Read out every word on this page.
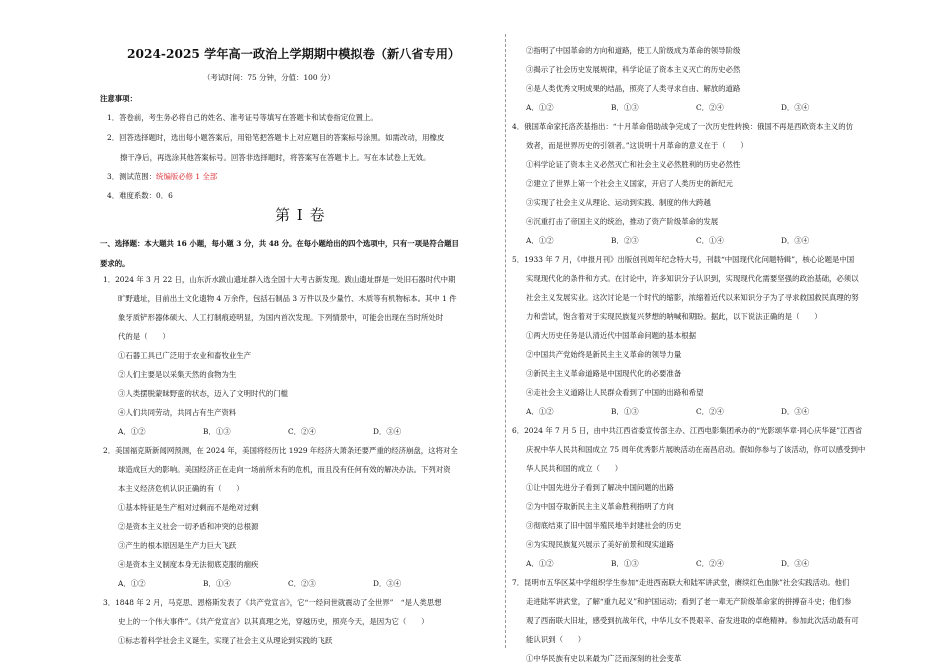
2024-2025 学年高一政治上学期期中模拟卷（新八省专用）
（考试时间：75 分钟，分值：100 分）
注意事项：
1．答卷前，考生务必将自己的姓名、准考证号等填写在答题卡和试卷指定位置上。
2．回答选择题时，选出每小题答案后，用铅笔把答题卡上对应题目的答案标号涂黑。如需改动，用橡皮
擦干净后，再选涂其他答案标号。回答非选择题时，将答案写在答题卡上。写在本试卷上无效。
3．测试范围：统编版必修 1 全部
4．难度系数：0．6
第 I 卷
一、选择题：本大题共 16 小题，每小题 3 分，共 48 分。在每小题给出的四个选项中，只有一项是符合题目
要求的。
1．2024 年 3 月 22 日，山东沂水跋山遗址群入选全国十大考古新发现。跋山遗址群是一处旧石器时代中期
旷野遗址，目前出土文化遗物 4 万余件，包括石制品 3 万件以及少量竹、木质等有机物标本。其中 1 件
象牙质铲形器体硕大、人工打制痕迹明显，为国内首次发现。下列情景中，可能会出现在当时所处时
代的是（　　）
①石器工具已广泛用于农业和畜牧业生产
②人们主要是以采集天然的食物为生
③人类摆脱蒙昧野蛮的状态，迈入了文明时代的门槛
④人们共同劳动，共同占有生产资料
A．①②	B．①③	C．②④	D．③④
2．美国福克斯新闻网预测，在 2024 年，美国将经历比 1929 年经济大萧条还要严重的经济崩盘，这将对全
球造成巨大的影响。美国经济正在走向一场前所未有的危机，而且没有任何有效的解决办法。下列对资
本主义经济危机认识正确的有（　　）
①基本特征是生产相对过剩而不是绝对过剩
②是资本主义社会一切矛盾和冲突的总根源
③产生的根本原因是生产力巨大飞跃
④是资本主义制度本身无法彻底克服的痼疾
A．①②	B．①④	C．②③	D．③④
3．1848 年 2 月，马克思、恩格斯发表了《共产党宣言》，它“一经问世就震动了全世界”　“是人类思想
史上的一个伟大事件”。《共产党宣言》以其真理之光，穿越历史，照亮今天，是因为它（　　）
①标志着科学社会主义诞生，实现了社会主义从理论到实践的飞跃
②指明了中国革命的方向和道路，使工人阶级成为革命的领导阶级
③揭示了社会历史发展规律，科学论证了资本主义灭亡的历史必然
④是人类优秀文明成果的结晶，照亮了人类寻求自由、解放的道路
A．①②	B．①③	C．②④	D．③④
4．俄国革命家托洛茨基指出：“十月革命借助战争完成了一次历史性转换：俄国不再是西欧资本主义的仿
效者，而是世界历史的引领者。”这说明十月革命的意义在于（　　）
①科学论证了资本主义必然灭亡和社会主义必然胜利的历史必然性
②建立了世界上第一个社会主义国家，开启了人类历史的新纪元
③实现了社会主义从理论、运动到实践、制度的伟大跨越
④沉重打击了帝国主义的统治，推动了资产阶级革命的发展
A．①②	B．②③	C．①④	D．③④
5．1933 年 7 月，《申报月刊》出版创刊周年纪念特大号，刊载“中国现代化问题特辑”，核心论题是中国
实现现代化的条件和方式。在讨论中，许多知识分子认识到，实现现代化需要坚强的政治基础，必须以
社会主义发展实业。这次讨论是一个时代的缩影，浓缩着近代以来知识分子为了寻求救国救民真理的努
力和尝试，饱含着对于实现民族复兴梦想的呐喊和期盼。据此，以下说法正确的是（　　）
①两大历史任务是认清近代中国革命问题的基本根据
②中国共产党始终是新民主主义革命的领导力量
③新民主主义革命道路是中国现代化的必要准备
④走社会主义道路让人民群众看到了中国的出路和希望
A．①②	B．①③	C．②④	D．③④
6．2024 年 7 月 5 日，由中共江西省委宣传部主办、江西电影集团承办的“光影颂华章·同心庆华诞”江西省
庆祝中华人民共和国成立 75 周年优秀影片展映活动在南昌启动。假如你参与了该活动，你可以感受到中
华人民共和国的成立（　　）
①让中国先进分子看到了解决中国问题的出路
②为中国夺取新民主主义革命胜利指明了方向
③彻底结束了旧中国半殖民地半封建社会的历史
④为实现民族复兴展示了美好前景和现实道路
A．①②	B．①③	C．②④	D．③④
7．昆明市五华区某中学组织学生参加“走进西南联大和陆军讲武堂，赓续红色血脉”社会实践活动。他们
走进陆军讲武堂，了解“重九起义”和护国运动；看到了老一辈无产阶级革命家的拼搏奋斗史；他们参
观了西南联大旧址，感受到抗战年代，中华儿女不畏艰辛、奋发进取的卓绝精神。参加此次活动最有可
能认识到（　　）
①中华民族有史以来最为广泛而深刻的社会变革
